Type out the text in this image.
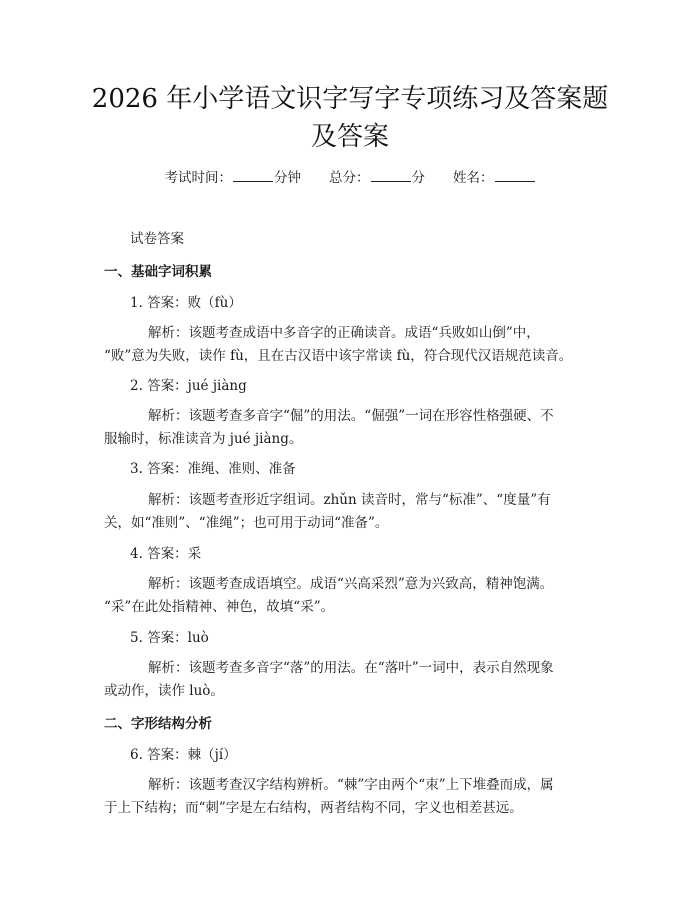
2026 年小学语文识字写字专项练习及答案题
及答案
考试时间：	分钟 总分：	分 姓名：
试卷答案
一、基础字词积累
1. 答案：败（fù）
解析：该题考查成语中多音字的正确读音。成语“兵败如山倒”中，
“败”意为失败，读作 fù，且在古汉语中该字常读 fù，符合现代汉语规范读音。
2. 答案：jué jiàng
解析：该题考查多音字“倔”的用法。“倔强”一词在形容性格强硬、不
服输时，标准读音为 jué jiàng。
3. 答案：准绳、准则、准备
解析：该题考查形近字组词。zhǔn 读音时，常与“标准”、“度量”有
关，如“准则”、“准绳”；也可用于动词“准备”。
4. 答案：采
解析：该题考查成语填空。成语“兴高采烈”意为兴致高，精神饱满。
“采”在此处指精神、神色，故填“采”。
5. 答案：luò
解析：该题考查多音字“落”的用法。在“落叶”一词中，表示自然现象
或动作，读作 luò。
二、字形结构分析
6. 答案：棘（jí）
解析：该题考查汉字结构辨析。“棘”字由两个“朿”上下堆叠而成，属
于上下结构；而“刺”字是左右结构，两者结构不同，字义也相差甚远。
